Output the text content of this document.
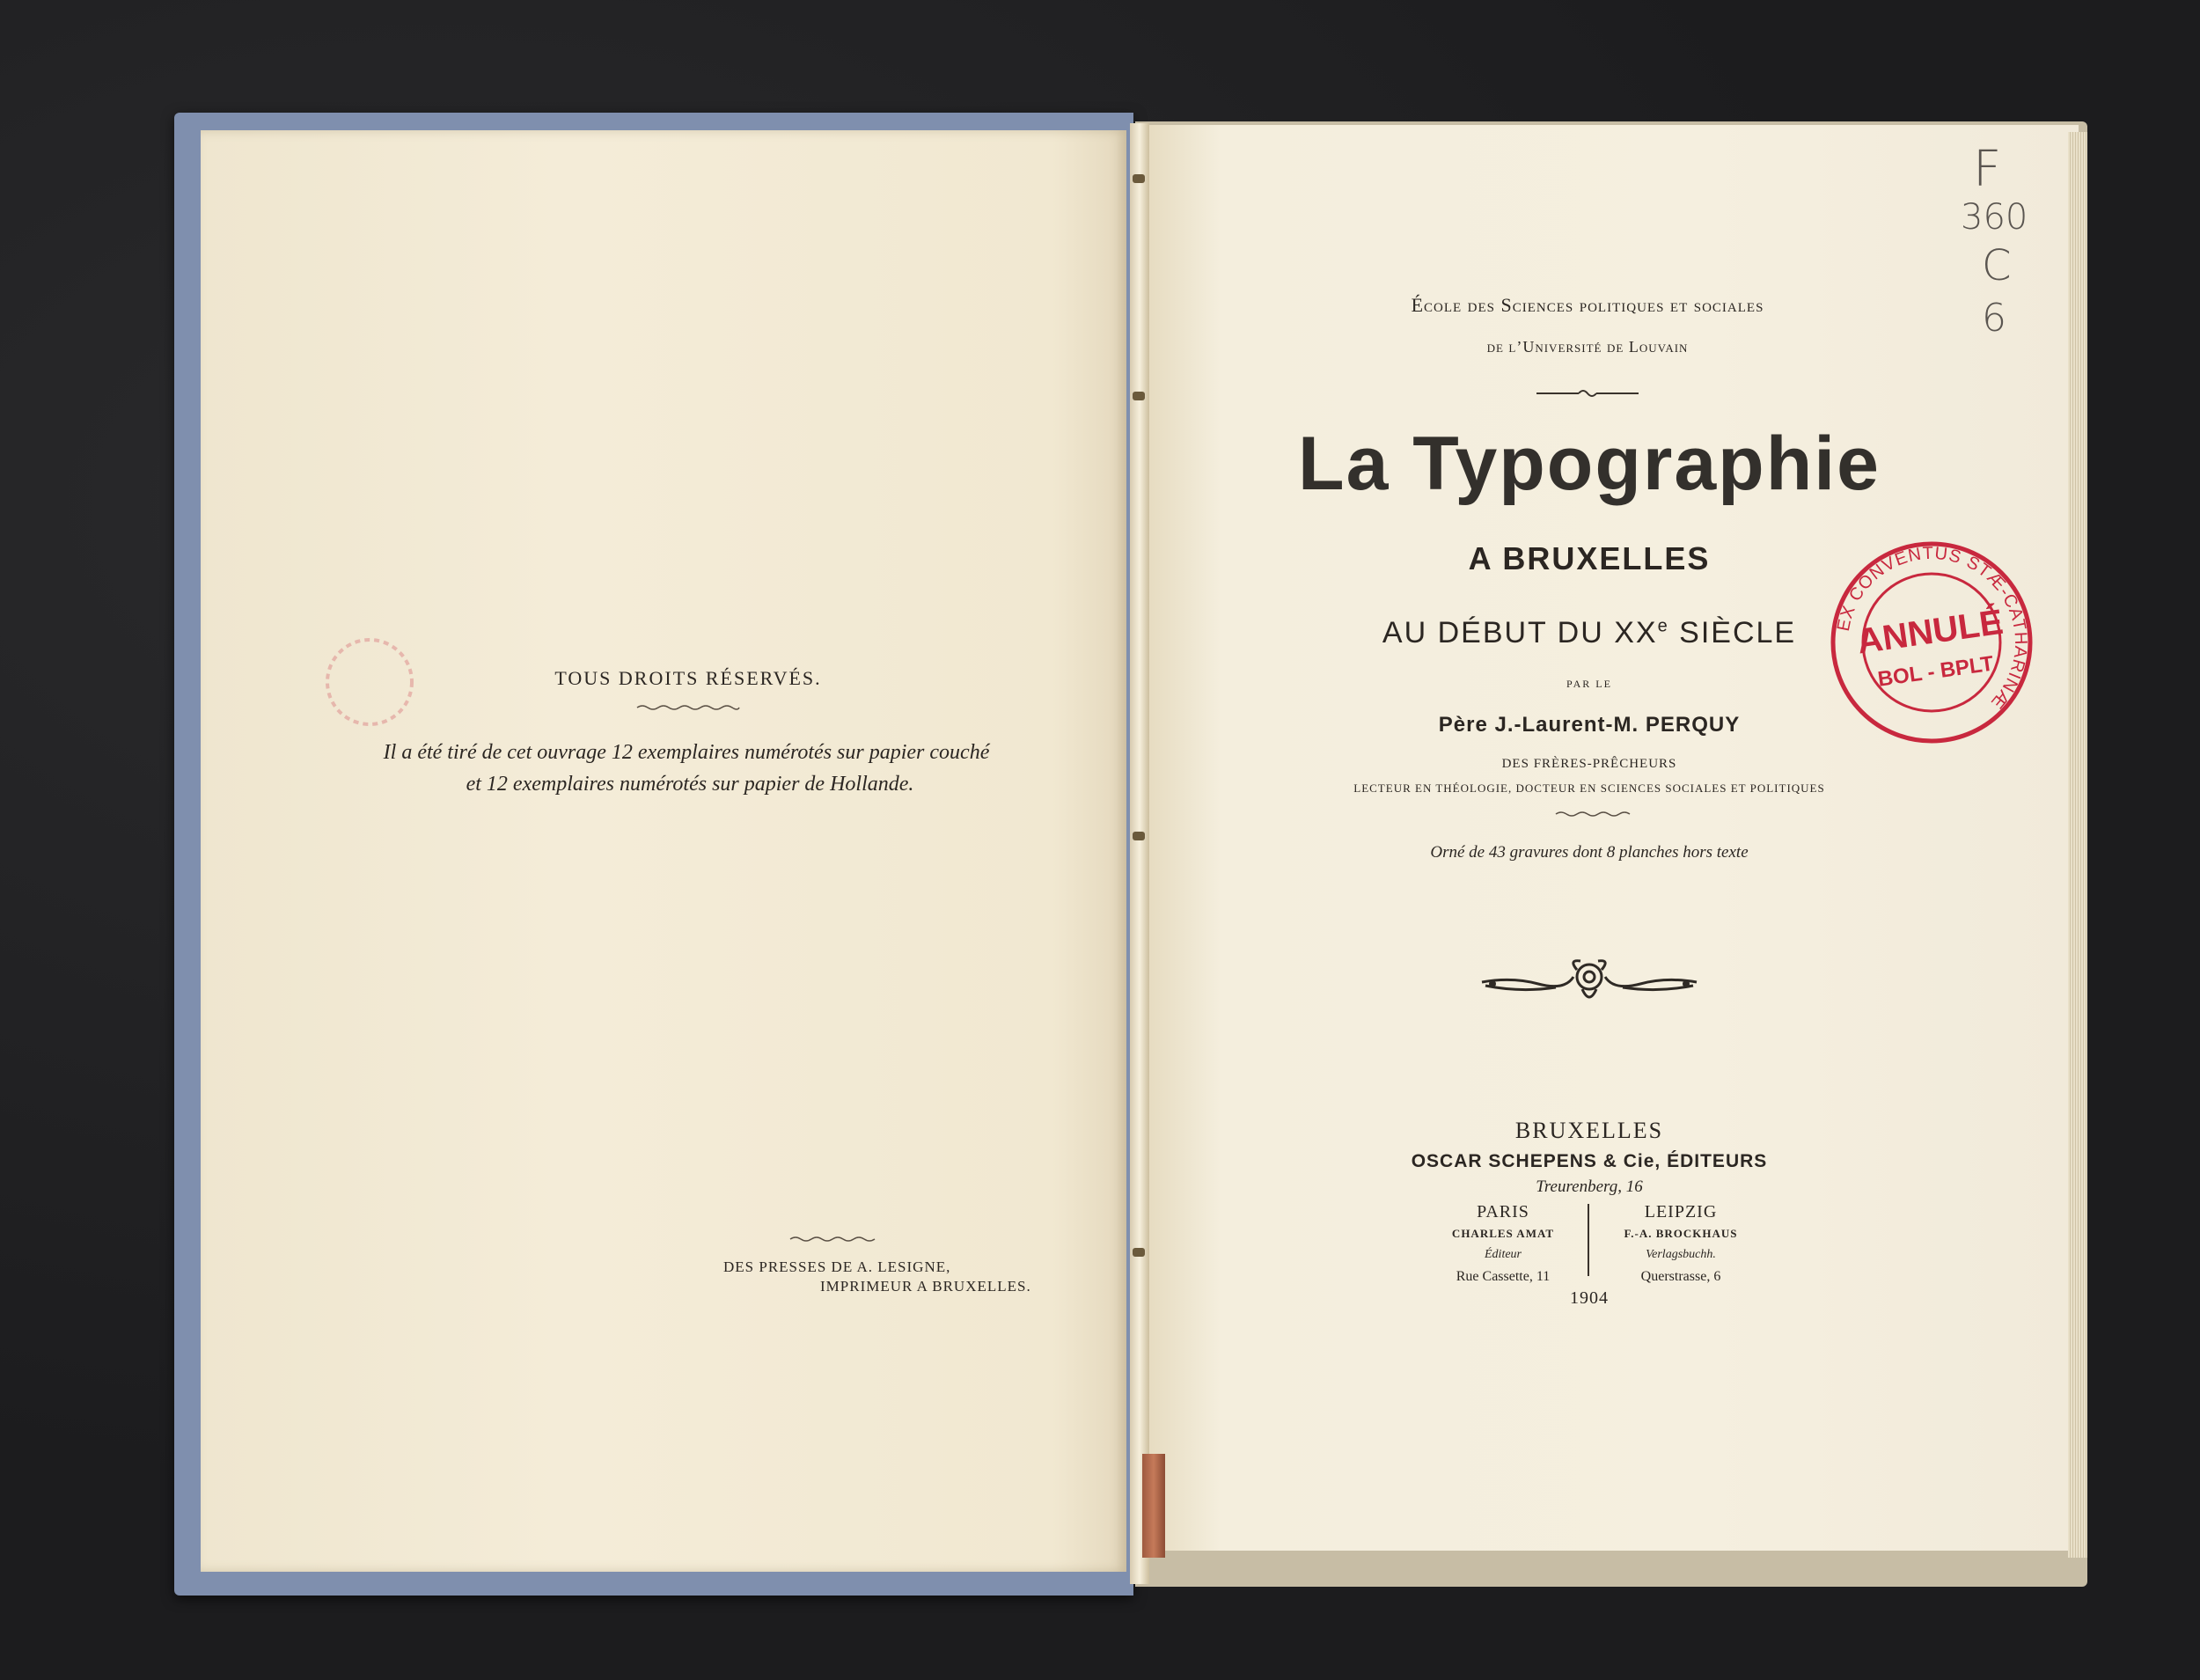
TOUS DROITS RÉSERVÉS.
Il a été tiré de cet ouvrage 12 exemplaires numérotés sur papier couché
et 12 exemplaires numérotés sur papier de Hollande.
DES PRESSES DE A. LESIGNE,
IMPRIMEUR A BRUXELLES.
École des Sciences politiques et sociales
de l’Université de Louvain
La Typographie
A BRUXELLES
AU DÉBUT DU XXe SIÈCLE
PAR LE
Père J.-Laurent-M. PERQUY
DES FRÈRES-PRÊCHEURS
LECTEUR EN THÉOLOGIE, DOCTEUR EN SCIENCES SOCIALES ET POLITIQUES
Orné de 43 gravures dont 8 planches hors texte
BRUXELLES
OSCAR SCHEPENS & Cie, ÉDITEURS
Treurenberg, 16
PARIS
CHARLES AMAT
Éditeur
Rue Cassette, 11
LEIPZIG
F.-A. BROCKHAUS
Verlagsbuchh.
Querstrasse, 6
1904
F
360
C
6
EX CONVENTUS STÆ-CATHARINÆ
ANNULÉ
BOL - BPLT
